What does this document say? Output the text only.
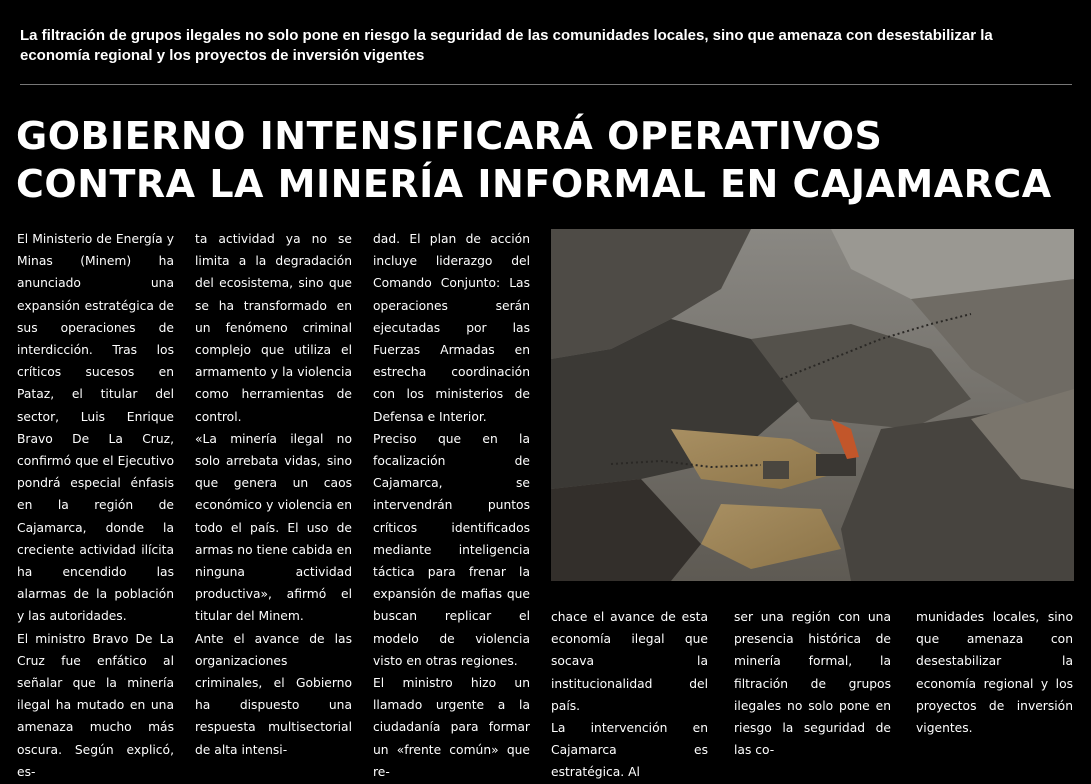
La filtración de grupos ilegales no solo pone en riesgo la seguridad de las comunidades locales, sino que amenaza con desestabilizar la economía regional y los proyectos de inversión vigentes
GOBIERNO INTENSIFICARÁ OPERATIVOS
CONTRA LA MINERÍA INFORMAL EN CAJAMARCA

El Ministerio de Energía y Minas (Minem) ha anunciado una expansión estratégica de sus operaciones de interdicción. Tras los críticos sucesos en Pataz, el titular del sector, Luis Enrique Bravo De La Cruz, confirmó que el Ejecutivo pondrá especial énfasis en la región de Cajamarca, donde la creciente actividad ilícita ha encendido las alarmas de la población y las autoridades.

El ministro Bravo De La Cruz fue enfático al señalar que la minería ilegal ha mutado en una amenaza mucho más oscura. Según explicó, es-

ta actividad ya no se limita a la degradación del ecosistema, sino que se ha transformado en un fenómeno criminal complejo que utiliza el armamento y la violencia como herramientas de control.

«La minería ilegal no solo arrebata vidas, sino que genera un caos económico y violencia en todo el país. El uso de armas no tiene cabida en ninguna actividad productiva», afirmó el titular del Minem.

Ante el avance de las organizaciones criminales, el Gobierno ha dispuesto una respuesta multisectorial de alta intensi-

dad. El plan de acción incluye liderazgo del Comando Conjunto: Las operaciones serán ejecutadas por las Fuerzas Armadas en estrecha coordinación con los ministerios de Defensa e Interior.

Preciso que en la focalización de Cajamarca, se intervendrán puntos críticos identificados mediante inteligencia táctica para frenar la expansión de mafias que buscan replicar el modelo de violencia visto en otras regiones.

El ministro hizo un llamado urgente a la ciudadanía para formar un «frente común» que re-

chace el avance de esta economía ilegal que socava la institucionalidad del país.

La intervención en Cajamarca es estratégica. Al

ser una región con una presencia histórica de minería formal, la filtración de grupos ilegales no solo pone en riesgo la seguridad de las co-

munidades locales, sino que amenaza con desestabilizar la economía regional y los proyectos de inversión vigentes.
